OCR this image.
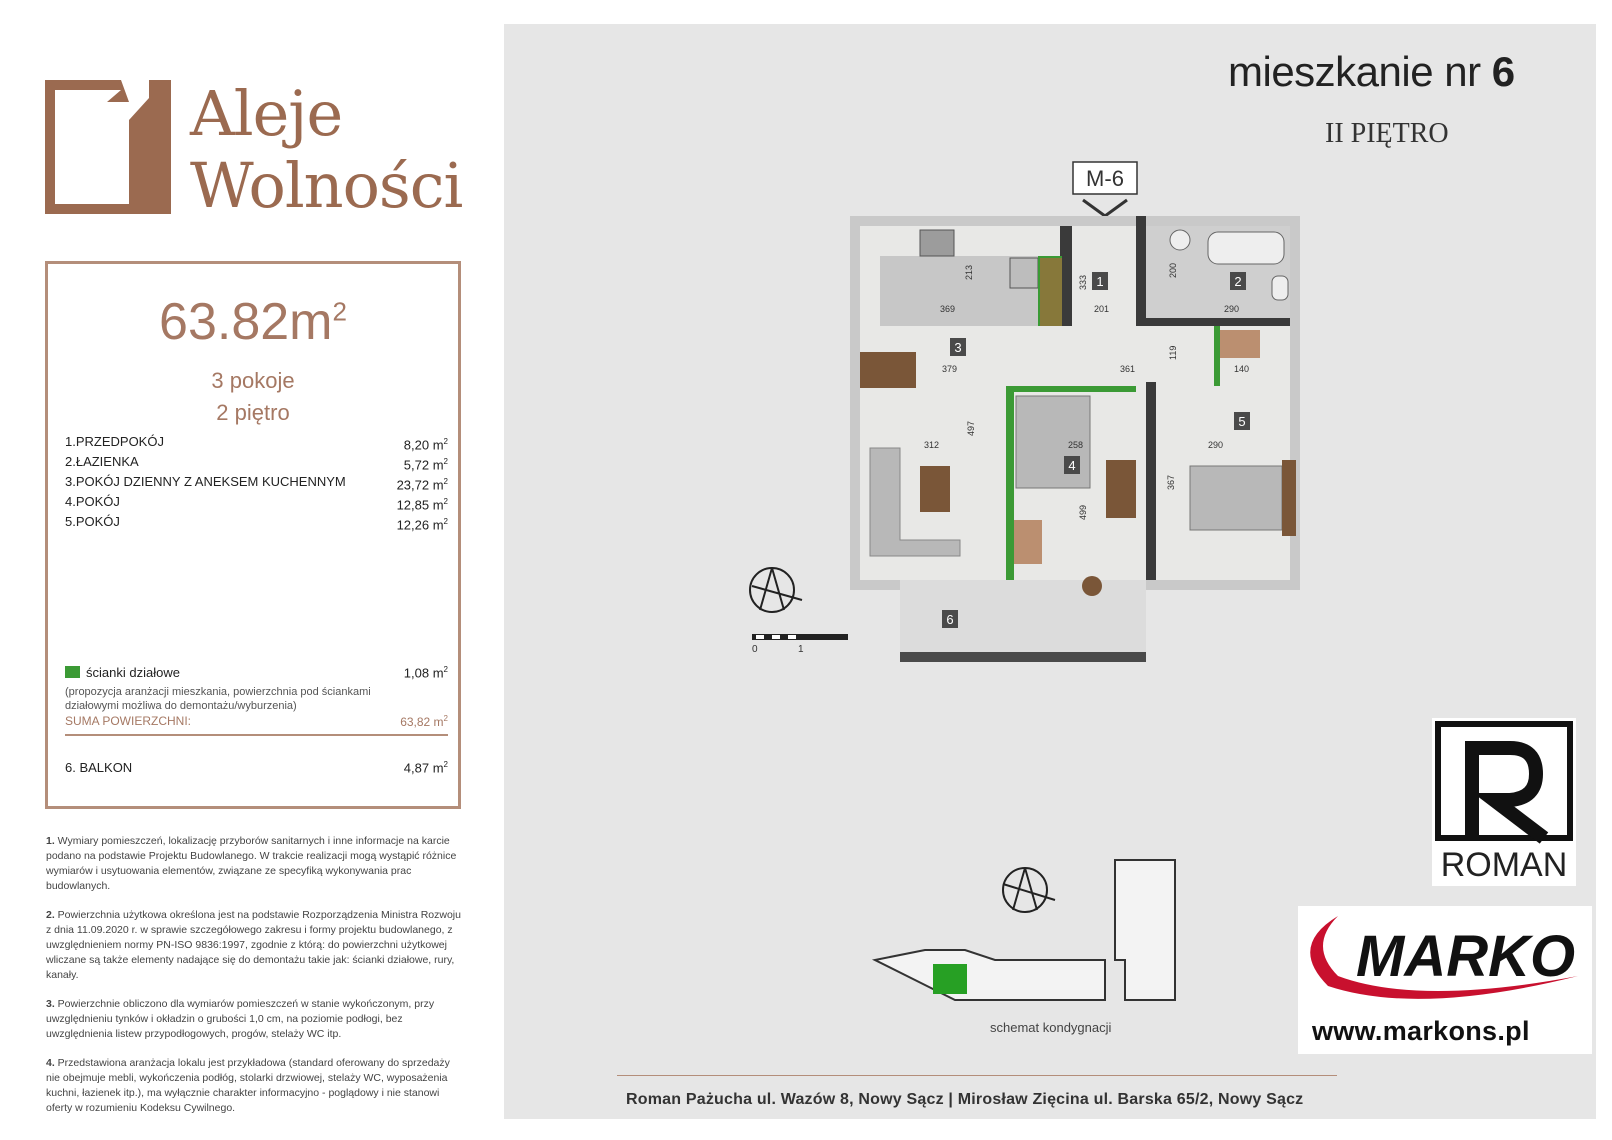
Aleje
Wolności
$63.82m^2$
3 pokoje
2 piętro
1.PRZEDPOKÓJ	8,20 $m^2$
2.ŁAZIENKA	5,72 $m^2$
3.POKÓJ DZIENNY Z ANEKSEM KUCHENNYM	23,72 $m^2$
4.POKÓJ	12,85 $m^2$
5.POKÓJ	12,26 $m^2$
ścianki działowe	1,08 $m^2$
(propozycja aranżacji mieszkania, powierzchnia pod ściankami działowymi możliwa do demontażu/wyburzenia)
SUMA POWIERZCHNI:	63,82 $m^2$
6. BALKON	4,87 $m^2$

1. Wymiary pomieszczeń, lokalizację przyborów sanitarnych i inne informacje na karcie podano na podstawie Projektu Budowlanego. W trakcie realizacji mogą wystąpić różnice wymiarów i usytuowania elementów, związane ze specyfiką wykonywania prac budowlanych.

2. Powierzchnia użytkowa określona jest na podstawie Rozporządzenia Ministra Rozwoju z dnia 11.09.2020 r. w sprawie szczegółowego zakresu i formy projektu budowlanego, z uwzględnieniem normy PN-ISO 9836:1997, zgodnie z którą: do powierzchni użytkowej wliczane są także elementy nadające się do demontażu takie jak: ścianki działowe, rury, kanały.

3. Powierzchnie obliczono dla wymiarów pomieszczeń w stanie wykończonym, przy uwzględnieniu tynków i okładzin o grubości 1,0 cm, na poziomie podłogi, bez uwzględnienia listew przypodłogowych, progów, stelaży WC itp.

4. Przedstawiona aranżacja lokalu jest przykładowa (standard oferowany do sprzedaży nie obejmuje mebli, wykończenia podłóg, stolarki drzwiowej, stelaży WC, wyposażenia kuchni, łazienek itp.), ma wyłącznie charakter informacyjno - poglądowy i nie stanowi oferty w rozumieniu Kodeksu Cywilnego.

mieszkanie nr 6
II PIĘTRO
M-6
1	2
3
4
5
6
213
333
200
369	201	290
379	361
119
140
312
497
258	290
499
367
0	1
ROMAN
MARKO
www.markons.pl
schemat kondygnacji
Roman Pażucha ul. Wazów 8, Nowy Sącz | Mirosław Zięcina ul. Barska 65/2, Nowy Sącz
